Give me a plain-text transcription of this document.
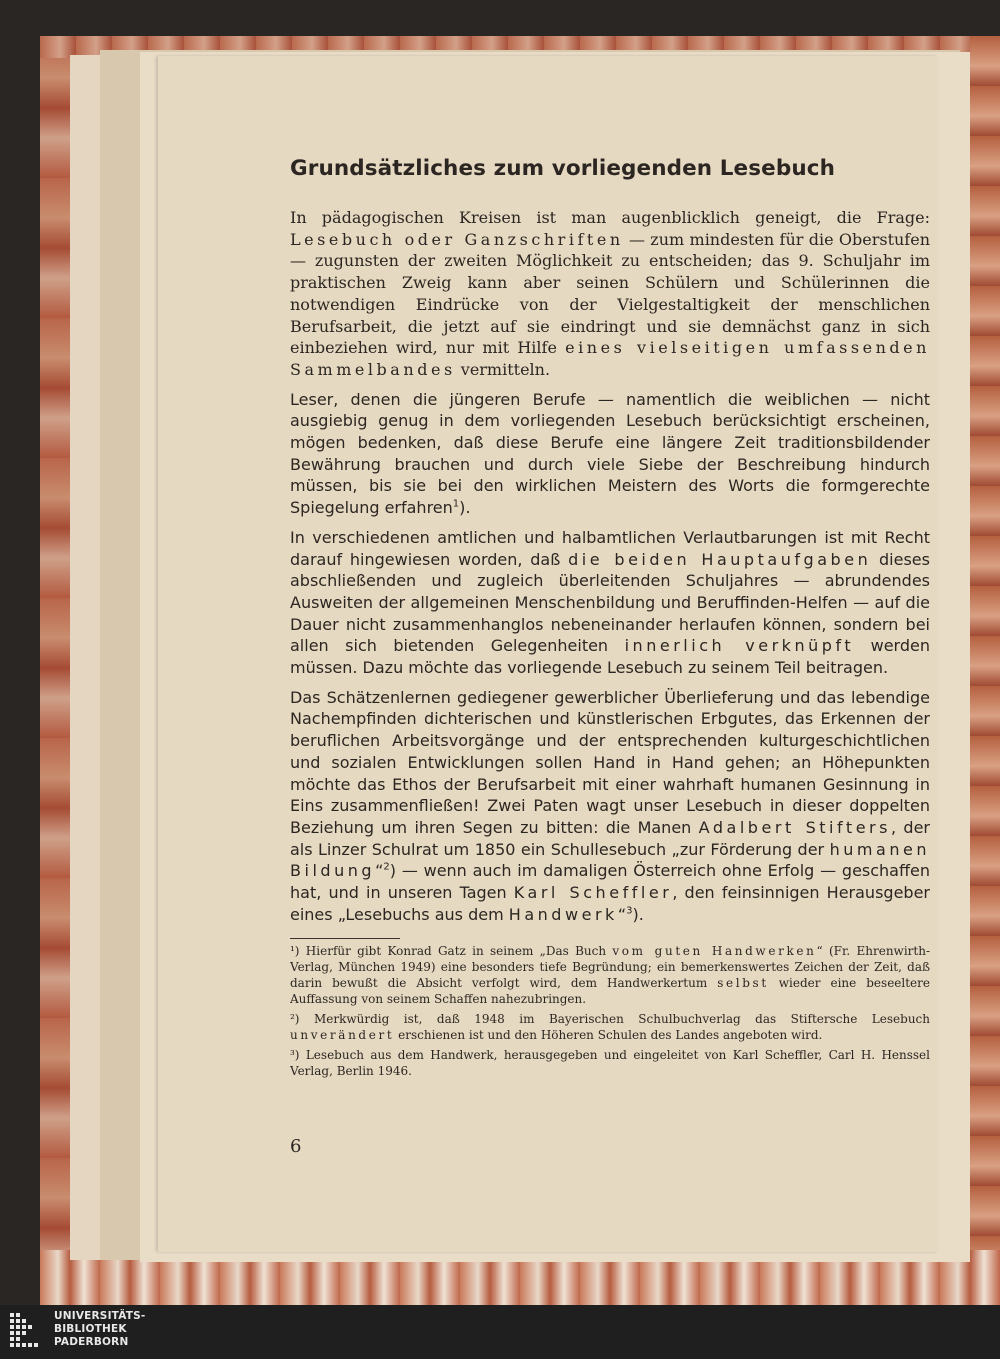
Grundsätzliches zum vorliegenden Lesebuch

In pädagogischen Kreisen ist man augenblicklich geneigt, die Frage: Lesebuch oder Ganzschriften — zum mindesten für die Oberstufen — zugunsten der zweiten Möglichkeit zu entscheiden; das 9. Schuljahr im praktischen Zweig kann aber seinen Schülern und Schülerinnen die notwendigen Eindrücke von der Vielgestaltigkeit der menschlichen Berufsarbeit, die jetzt auf sie eindringt und sie demnächst ganz in sich einbeziehen wird, nur mit Hilfe eines vielseitigen umfassenden Sammelbandes vermitteln.

Leser, denen die jüngeren Berufe — namentlich die weiblichen — nicht ausgiebig genug in dem vorliegenden Lesebuch berücksichtigt erscheinen, mögen bedenken, daß diese Berufe eine längere Zeit traditionsbildender Bewährung brauchen und durch viele Siebe der Beschreibung hindurch müssen, bis sie bei den wirklichen Meistern des Worts die formgerechte Spiegelung erfahren$^1$).

In verschiedenen amtlichen und halbamtlichen Verlautbarungen ist mit Recht darauf hingewiesen worden, daß die beiden Hauptaufgaben dieses abschließenden und zugleich überleitenden Schuljahres — abrundendes Ausweiten der allgemeinen Menschenbildung und Beruffinden-Helfen — auf die Dauer nicht zusammenhanglos nebeneinander herlaufen können, sondern bei allen sich bietenden Gelegenheiten innerlich verknüpft werden müssen. Dazu möchte das vorliegende Lesebuch zu seinem Teil beitragen.

Das Schätzenlernen gediegener gewerblicher Überlieferung und das lebendige Nachempfinden dichterischen und künstlerischen Erbgutes, das Erkennen der beruflichen Arbeitsvorgänge und der entsprechenden kulturgeschichtlichen und sozialen Entwicklungen sollen Hand in Hand gehen; an Höhepunkten möchte das Ethos der Berufsarbeit mit einer wahrhaft humanen Gesinnung in Eins zusammenfließen! Zwei Paten wagt unser Lesebuch in dieser doppelten Beziehung um ihren Segen zu bitten: die Manen Adalbert Stifters, der als Linzer Schulrat um 1850 ein Schullesebuch „zur Förderung der humanen Bildung“$^2$) — wenn auch im damaligen Österreich ohne Erfolg — geschaffen hat, und in unseren Tagen Karl Scheffler, den feinsinnigen Herausgeber eines „Lesebuchs aus dem Handwerk“$^3$).

¹) Hierfür gibt Konrad Gatz in seinem „Das Buch vom guten Handwerken“ (Fr. Ehrenwirth-Verlag, München 1949) eine besonders tiefe Begründung; ein bemerkenswertes Zeichen der Zeit, daß darin bewußt die Absicht verfolgt wird, dem Handwerkertum selbst wieder eine beseeltere Auffassung von seinem Schaffen nahezubringen.

²) Merkwürdig ist, daß 1948 im Bayerischen Schulbuchverlag das Stiftersche Lesebuch unverändert erschienen ist und den Höheren Schulen des Landes angeboten wird.

³) Lesebuch aus dem Handwerk, herausgegeben und eingeleitet von Karl Scheffler, Carl H. Henssel Verlag, Berlin 1946.

6
UNIVERSITÄTS-
BIBLIOTHEK
PADERBORN
